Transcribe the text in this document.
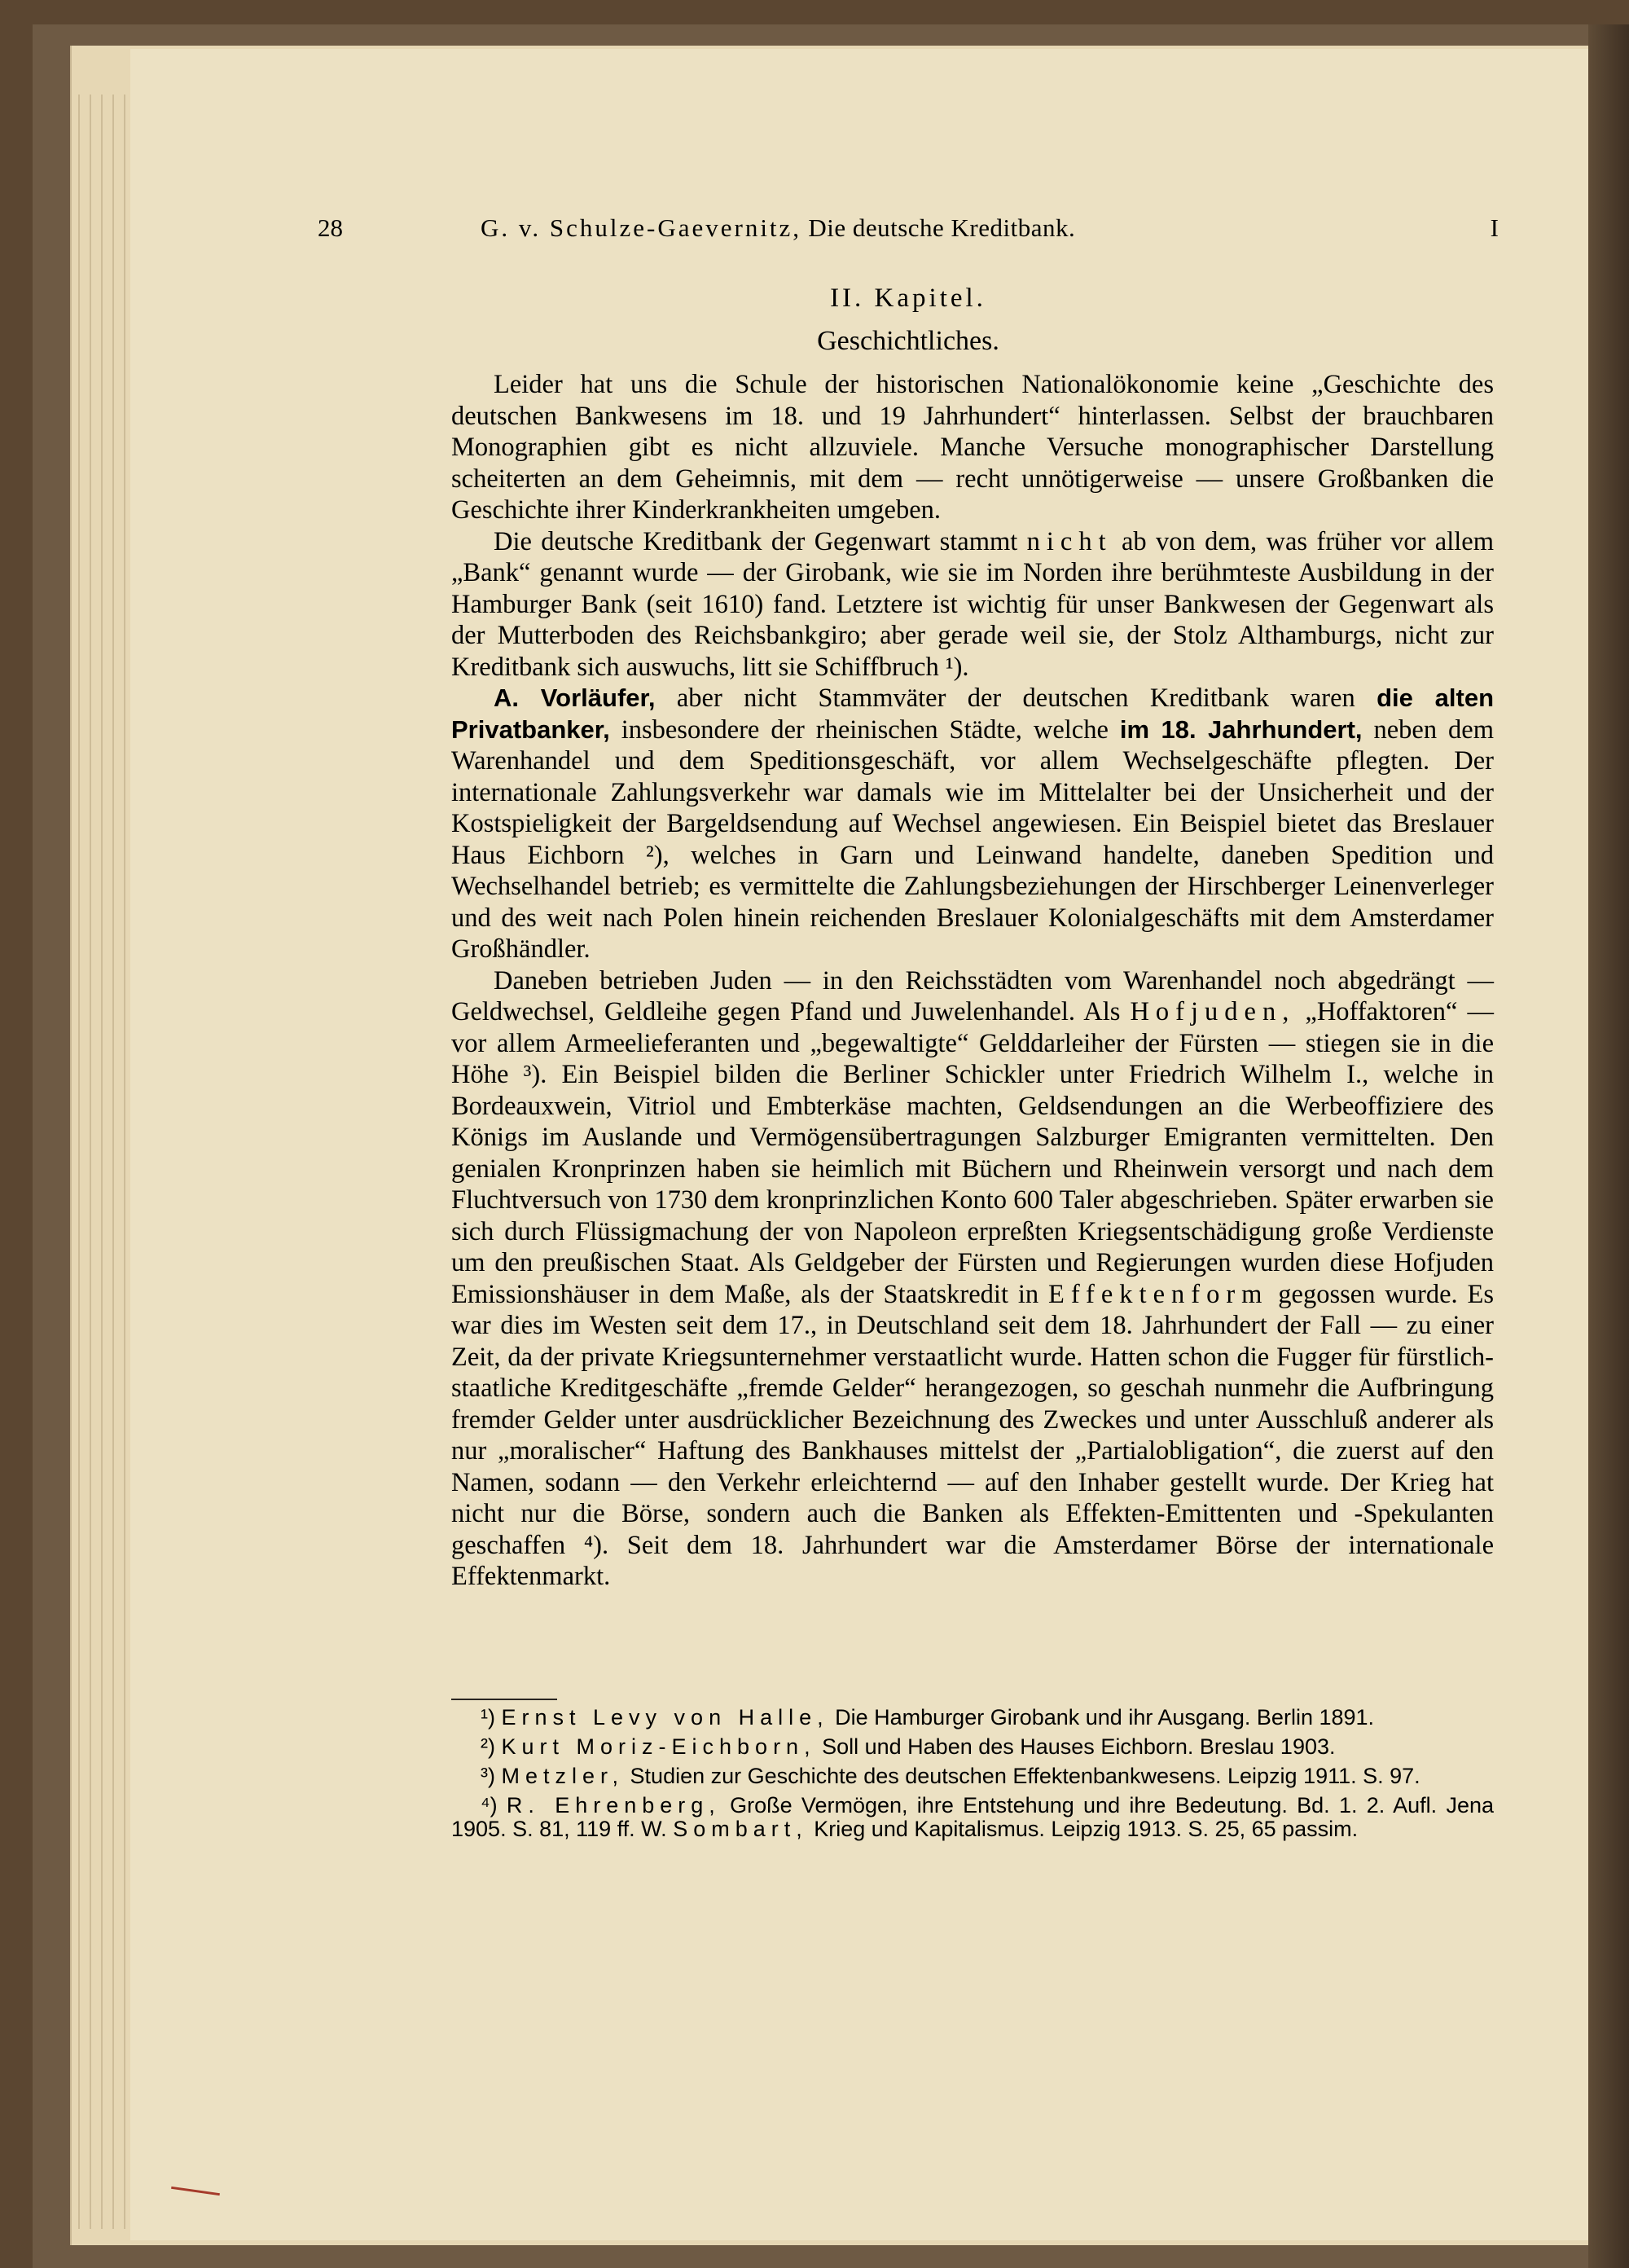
28	G. v. Schulze-Gaevernitz, Die deutsche Kreditbank.	I
II. Kapitel.
Geschichtliches.

Leider hat uns die Schule der historischen Nationalökonomie keine „Geschichte des deutschen Bankwesens im 18. und 19 Jahrhundert“ hinterlassen. Selbst der brauchbaren Monographien gibt es nicht allzuviele. Manche Versuche monographischer Darstellung scheiterten an dem Geheimnis, mit dem — recht unnötigerweise — unsere Großbanken die Geschichte ihrer Kinderkrankheiten umgeben.

Die deutsche Kreditbank der Gegenwart stammt nicht ab von dem, was früher vor allem „Bank“ genannt wurde — der Girobank, wie sie im Norden ihre berühmteste Ausbildung in der Hamburger Bank (seit 1610) fand. Letztere ist wichtig für unser Bankwesen der Gegenwart als der Mutterboden des Reichsbankgiro; aber gerade weil sie, der Stolz Althamburgs, nicht zur Kreditbank sich auswuchs, litt sie Schiffbruch ¹).

A. Vorläufer, aber nicht Stammväter der deutschen Kreditbank waren die alten Privatbanker, insbesondere der rheinischen Städte, welche im 18. Jahrhundert, neben dem Warenhandel und dem Speditionsgeschäft, vor allem Wechselgeschäfte pflegten. Der internationale Zahlungsverkehr war damals wie im Mittelalter bei der Unsicherheit und der Kostspieligkeit der Bargeldsendung auf Wechsel angewiesen. Ein Beispiel bietet das Breslauer Haus Eichborn ²), welches in Garn und Leinwand handelte, daneben Spedition und Wechselhandel betrieb; es vermittelte die Zahlungsbeziehungen der Hirschberger Leinenverleger und des weit nach Polen hinein reichenden Breslauer Kolonialgeschäfts mit dem Amsterdamer Großhändler.

Daneben betrieben Juden — in den Reichsstädten vom Warenhandel noch abgedrängt — Geldwechsel, Geldleihe gegen Pfand und Juwelenhandel. Als Hofjuden, „Hoffaktoren“ — vor allem Armeelieferanten und „begewaltigte“ Gelddarleiher der Fürsten — stiegen sie in die Höhe ³). Ein Beispiel bilden die Berliner Schickler unter Friedrich Wilhelm I., welche in Bordeauxwein, Vitriol und Embterkäse machten, Geldsendungen an die Werbeoffiziere des Königs im Auslande und Vermögensübertragungen Salzburger Emigranten vermittelten. Den genialen Kronprinzen haben sie heimlich mit Büchern und Rheinwein versorgt und nach dem Fluchtversuch von 1730 dem kronprinzlichen Konto 600 Taler abgeschrieben. Später erwarben sie sich durch Flüssigmachung der von Napoleon erpreßten Kriegsentschädigung große Verdienste um den preußischen Staat. Als Geldgeber der Fürsten und Regierungen wurden diese Hofjuden Emissionshäuser in dem Maße, als der Staatskredit in Effektenform gegossen wurde. Es war dies im Westen seit dem 17., in Deutschland seit dem 18. Jahrhundert der Fall — zu einer Zeit, da der private Kriegsunternehmer verstaatlicht wurde. Hatten schon die Fugger für fürstlich-staatliche Kreditgeschäfte „fremde Gelder“ herangezogen, so geschah nunmehr die Aufbringung fremder Gelder unter ausdrücklicher Bezeichnung des Zweckes und unter Ausschluß anderer als nur „moralischer“ Haftung des Bankhauses mittelst der „Partialobligation“, die zuerst auf den Namen, sodann — den Verkehr erleichternd — auf den Inhaber gestellt wurde. Der Krieg hat nicht nur die Börse, sondern auch die Banken als Effekten-Emittenten und -Spekulanten geschaffen ⁴). Seit dem 18. Jahrhundert war die Amsterdamer Börse der internationale Effektenmarkt.

¹) Ernst Levy von Halle, Die Hamburger Girobank und ihr Ausgang. Berlin 1891.

²) Kurt Moriz-Eichborn, Soll und Haben des Hauses Eichborn. Breslau 1903.

³) Metzler, Studien zur Geschichte des deutschen Effektenbankwesens. Leipzig 1911. S. 97.

⁴) R. Ehrenberg, Große Vermögen, ihre Entstehung und ihre Bedeutung. Bd. 1. 2. Aufl. Jena 1905. S. 81, 119 ff. W. Sombart, Krieg und Kapitalismus. Leipzig 1913. S. 25, 65 passim.
